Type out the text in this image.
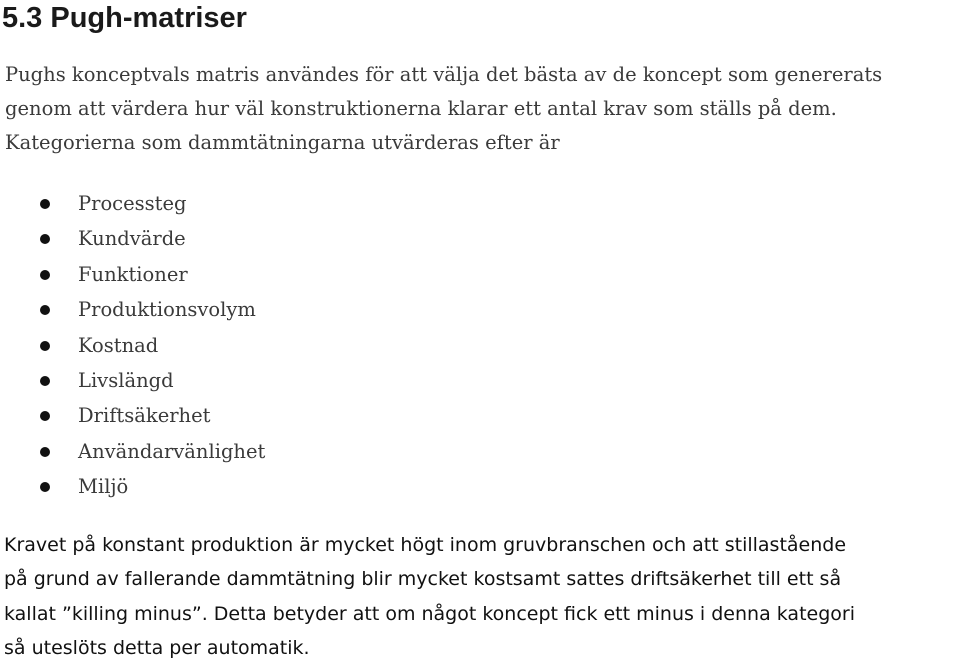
5.3 Pugh-matriser

Pughs konceptvals matris användes för att välja det bästa av de koncept som genererats
genom att värdera hur väl konstruktionerna klarar ett antal krav som ställs på dem.
Kategorierna som dammtätningarna utvärderas efter är

Processteg
Kundvärde
Funktioner
Produktionsvolym
Kostnad
Livslängd
Driftsäkerhet
Användarvänlighet
Miljö

Kravet på konstant produktion är mycket högt inom gruvbranschen och att stillastående
på grund av fallerande dammtätning blir mycket kostsamt sattes driftsäkerhet till ett så
kallat ”killing minus”. Detta betyder att om något koncept fick ett minus i denna kategori
så uteslöts detta per automatik.
